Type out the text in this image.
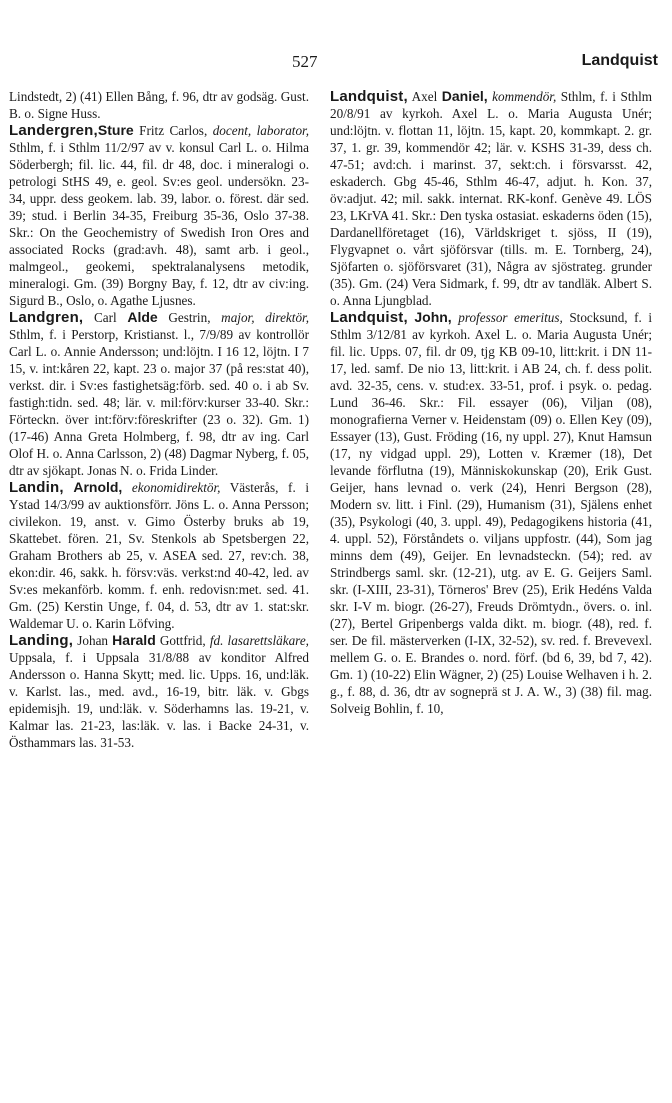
527	Landquist

Lindstedt, 2) (41) Ellen Bång, f. 96, dtr av godsäg. Gust. B. o. Signe Huss.

Landergren,Sture Fritz Carlos, docent, laborator, Sthlm, f. i Sthlm 11/2/97 av v. konsul Carl L. o. Hilma Söderbergh; fil. lic. 44, fil. dr 48, doc. i mineralogi o. petrologi StHS 49, e. geol. Sv:es geol. undersökn. 23-34, uppr. dess geokem. lab. 39, labor. o. förest. där sed. 39; stud. i Berlin 34-35, Freiburg 35-36, Oslo 37-38. Skr.: On the Geochemistry of Swedish Iron Ores and associated Rocks (grad:avh. 48), samt arb. i geol., malmgeol., geokemi, spektralanalysens metodik, mineralogi. Gm. (39) Borgny Bay, f. 12, dtr av civ:ing. Sigurd B., Oslo, o. Agathe Ljusnes.

Landgren, Carl Alde Gestrin, major, direktör, Sthlm, f. i Perstorp, Kristianst. l., 7/9/89 av kontrollör Carl L. o. Annie Andersson; und:löjtn. I 16 12, löjtn. I 7 15, v. int:kåren 22, kapt. 23 o. major 37 (på res:stat 40), verkst. dir. i Sv:es fastighetsäg:förb. sed. 40 o. i ab Sv. fastigh:tidn. sed. 48; lär. v. mil:förv:kurser 33-40. Skr.: Förteckn. över int:förv:föreskrifter (23 o. 32). Gm. 1) (17-46) Anna Greta Holmberg, f. 98, dtr av ing. Carl Olof H. o. Anna Carlsson, 2) (48) Dagmar Nyberg, f. 05, dtr av sjökapt. Jonas N. o. Frida Linder.

Landin, Arnold, ekonomidirektör, Västerås, f. i Ystad 14/3/99 av auktionsförr. Jöns L. o. Anna Persson; civilekon. 19, anst. v. Gimo Österby bruks ab 19, Skattebet. fören. 21, Sv. Stenkols ab Spetsbergen 22, Graham Brothers ab 25, v. ASEA sed. 27, rev:ch. 38, ekon:dir. 46, sakk. h. försv:väs. verkst:nd 40-42, led. av Sv:es mekanförb. komm. f. enh. redovisn:met. sed. 41. Gm. (25) Kerstin Unge, f. 04, d. 53, dtr av 1. stat:skr. Waldemar U. o. Karin Löfving.

Landing, Johan Harald Gottfrid, fd. lasarettsläkare, Uppsala, f. i Uppsala 31/8/88 av konditor Alfred Andersson o. Hanna Skytt; med. lic. Upps. 16, und:läk. v. Karlst. las., med. avd., 16-19, bitr. läk. v. Gbgs epidemisjh. 19, und:läk. v. Söderhamns las. 19-21, v. Kalmar las. 21-23, las:läk. v. las. i Backe 24-31, v. Östhammars las. 31-53.

Landquist, Axel Daniel, kommendör, Sthlm, f. i Sthlm 20/8/91 av kyrkoh. Axel L. o. Maria Augusta Unér; und:löjtn. v. flottan 11, löjtn. 15, kapt. 20, kommkapt. 2. gr. 37, 1. gr. 39, kommendör 42; lär. v. KSHS 31-39, dess ch. 47-51; avd:ch. i marinst. 37, sekt:ch. i försvarsst. 42, eskaderch. Gbg 45-46, Sthlm 46-47, adjut. h. Kon. 37, öv:adjut. 42; mil. sakk. internat. RK-konf. Genève 49. LÖS 23, LKrVA 41. Skr.: Den tyska ostasiat. eskaderns öden (15), Dardanellföretaget (16), Världskriget t. sjöss, II (19), Flygvapnet o. vårt sjöförsvar (tills. m. E. Tornberg, 24), Sjöfarten o. sjöförsvaret (31), Några av sjöstrateg. grunder (35). Gm. (24) Vera Sidmark, f. 99, dtr av tandläk. Albert S. o. Anna Ljungblad.

Landquist, John, professor emeritus, Stocksund, f. i Sthlm 3/12/81 av kyrkoh. Axel L. o. Maria Augusta Unér; fil. lic. Upps. 07, fil. dr 09, tjg KB 09-10, litt:krit. i DN 11-17, led. samf. De nio 13, litt:krit. i AB 24, ch. f. dess polit. avd. 32-35, cens. v. stud:ex. 33-51, prof. i psyk. o. pedag. Lund 36-46. Skr.: Fil. essayer (06), Viljan (08), monografierna Verner v. Heidenstam (09) o. Ellen Key (09), Essayer (13), Gust. Fröding (16, ny uppl. 27), Knut Hamsun (17, ny vidgad uppl. 29), Lotten v. Kræmer (18), Det levande förflutna (19), Människokunskap (20), Erik Gust. Geijer, hans levnad o. verk (24), Henri Bergson (28), Modern sv. litt. i Finl. (29), Humanism (31), Själens enhet (35), Psykologi (40, 3. uppl. 49), Pedagogikens historia (41, 4. uppl. 52), Förståndets o. viljans uppfostr. (44), Som jag minns dem (49), Geijer. En levnadsteckn. (54); red. av Strindbergs saml. skr. (12-21), utg. av E. G. Geijers Saml. skr. (I-XIII, 23-31), Törneros' Brev (25), Erik Hedéns Valda skr. I-V m. biogr. (26-27), Freuds Drömtydn., övers. o. inl. (27), Bertel Gripenbergs valda dikt. m. biogr. (48), red. f. ser. De fil. mästerverken (I-IX, 32-52), sv. red. f. Brevevexl. mellem G. o. E. Brandes o. nord. förf. (bd 6, 39, bd 7, 42). Gm. 1) (10-22) Elin Wägner, 2) (25) Louise Welhaven i h. 2. g., f. 88, d. 36, dtr av sogneprä st J. A. W., 3) (38) fil. mag. Solveig Bohlin, f. 10,
